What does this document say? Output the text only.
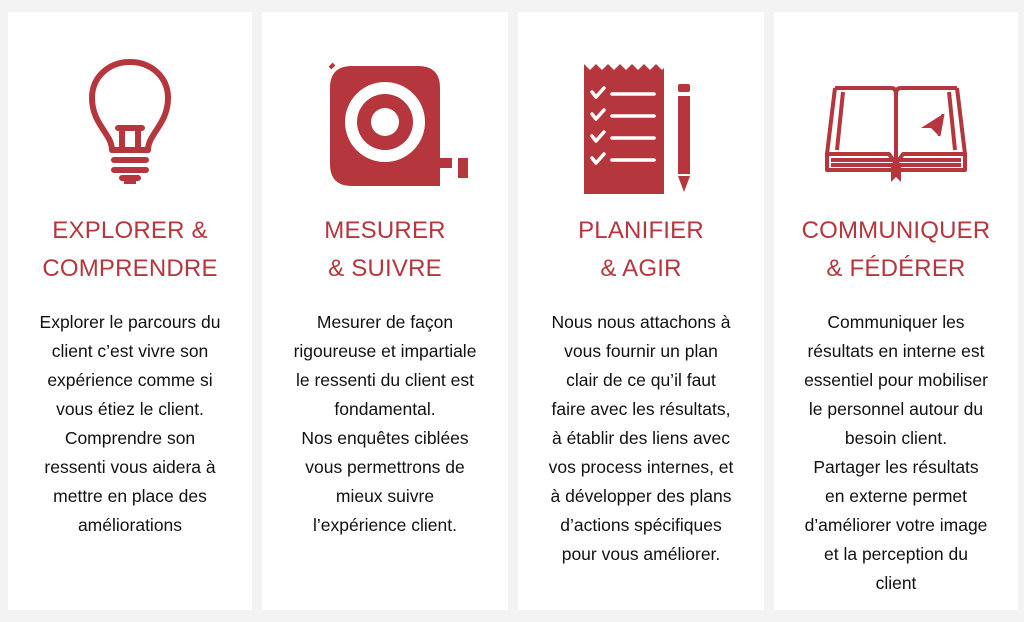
EXPLORER &
COMPRENDRE
Explorer le parcours du
client c’est vivre son
expérience comme si
vous étiez le client.
Comprendre son
ressenti vous aidera à
mettre en place des
améliorations
MESURER
& SUIVRE
Mesurer de façon
rigoureuse et impartiale
le ressenti du client est
fondamental.
Nos enquêtes ciblées
vous permettrons de
mieux suivre
l’expérience client.
PLANIFIER
& AGIR
Nous nous attachons à
vous fournir un plan
clair de ce qu’il faut
faire avec les résultats,
à établir des liens avec
vos process internes, et
à développer des plans
d’actions spécifiques
pour vous améliorer.
COMMUNIQUER
& FÉDÉRER
Communiquer les
résultats en interne est
essentiel pour mobiliser
le personnel autour du
besoin client.
Partager les résultats
en externe permet
d’améliorer votre image
et la perception du
client
